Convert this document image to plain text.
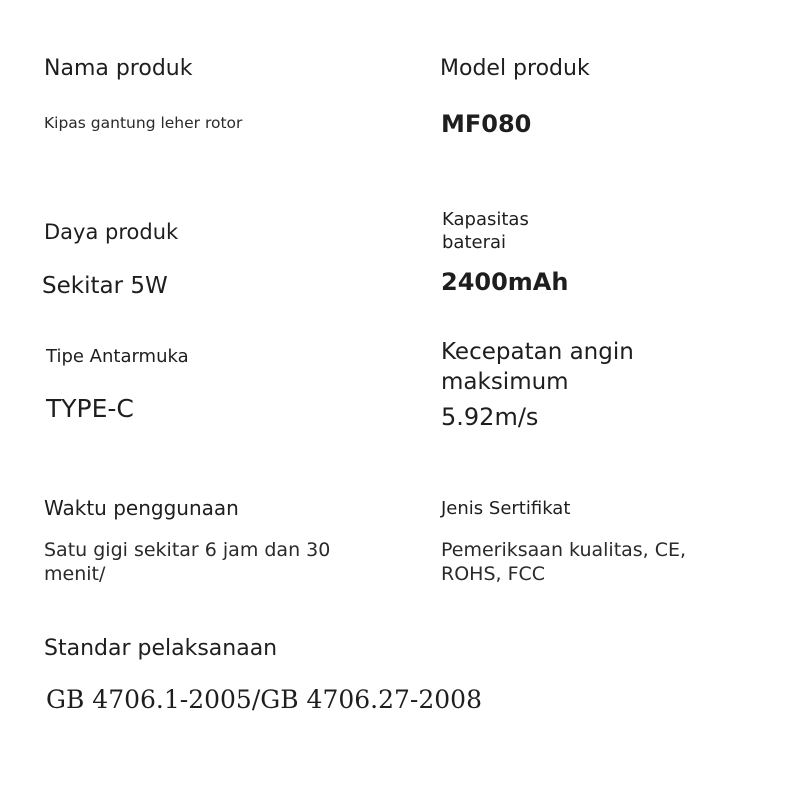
Nama produk
Kipas gantung leher rotor
Daya produk
Sekitar 5W
Tipe Antarmuka
TYPE-C
Waktu penggunaan
Satu gigi sekitar 6 jam dan 30 menit/
Standar pelaksanaan
GB 4706.1-2005/GB 4706.27-2008
Model produk
MF080
Kapasitas baterai
2400mAh
Kecepatan angin maksimum
5.92m/s
Jenis Sertifikat
Pemeriksaan kualitas, CE, ROHS, FCC
